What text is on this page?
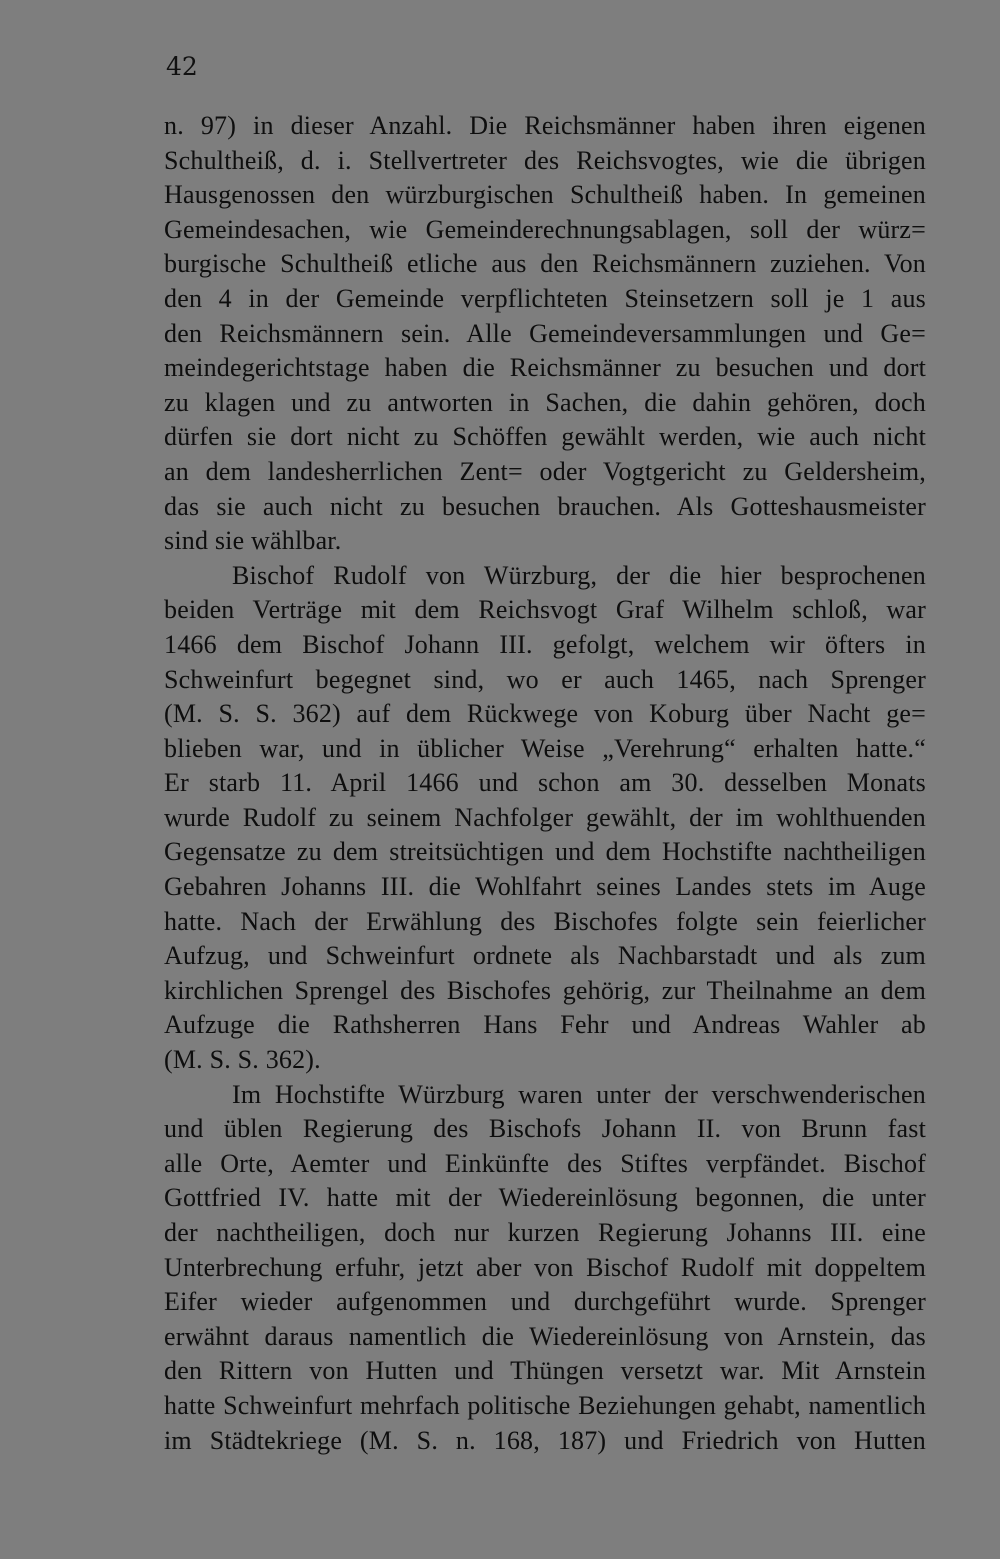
42

n. 97) in dieser Anzahl. Die Reichsmänner haben ihren eigenen
Schultheiß, d. i. Stellvertreter des Reichsvogtes, wie die übrigen
Hausgenossen den würzburgischen Schultheiß haben. In gemeinen
Gemeindesachen, wie Gemeinderechnungsablagen, soll der würz=
burgische Schultheiß etliche aus den Reichsmännern zuziehen. Von
den 4 in der Gemeinde verpflichteten Steinsetzern soll je 1 aus
den Reichsmännern sein. Alle Gemeindeversammlungen und Ge=
meindegerichtstage haben die Reichsmänner zu besuchen und dort
zu klagen und zu antworten in Sachen, die dahin gehören, doch
dürfen sie dort nicht zu Schöffen gewählt werden, wie auch nicht
an dem landesherrlichen Zent= oder Vogtgericht zu Geldersheim,
das sie auch nicht zu besuchen brauchen. Als Gotteshausmeister
sind sie wählbar.
Bischof Rudolf von Würzburg, der die hier besprochenen
beiden Verträge mit dem Reichsvogt Graf Wilhelm schloß, war
1466 dem Bischof Johann III. gefolgt, welchem wir öfters in
Schweinfurt begegnet sind, wo er auch 1465, nach Sprenger
(M. S. S. 362) auf dem Rückwege von Koburg über Nacht ge=
blieben war, und in üblicher Weise „Verehrung“ erhalten hatte.“
Er starb 11. April 1466 und schon am 30. desselben Monats
wurde Rudolf zu seinem Nachfolger gewählt, der im wohlthuenden
Gegensatze zu dem streitsüchtigen und dem Hochstifte nachtheiligen
Gebahren Johanns III. die Wohlfahrt seines Landes stets im Auge
hatte. Nach der Erwählung des Bischofes folgte sein feierlicher
Aufzug, und Schweinfurt ordnete als Nachbarstadt und als zum
kirchlichen Sprengel des Bischofes gehörig, zur Theilnahme an dem
Aufzuge die Rathsherren Hans Fehr und Andreas Wahler ab
(M. S. S. 362).
Im Hochstifte Würzburg waren unter der verschwenderischen
und üblen Regierung des Bischofs Johann II. von Brunn fast
alle Orte, Aemter und Einkünfte des Stiftes verpfändet. Bischof
Gottfried IV. hatte mit der Wiedereinlösung begonnen, die unter
der nachtheiligen, doch nur kurzen Regierung Johanns III. eine
Unterbrechung erfuhr, jetzt aber von Bischof Rudolf mit doppeltem
Eifer wieder aufgenommen und durchgeführt wurde. Sprenger
erwähnt daraus namentlich die Wiedereinlösung von Arnstein, das
den Rittern von Hutten und Thüngen versetzt war. Mit Arnstein
hatte Schweinfurt mehrfach politische Beziehungen gehabt, namentlich
im Städtekriege (M. S. n. 168, 187) und Friedrich von Hutten
